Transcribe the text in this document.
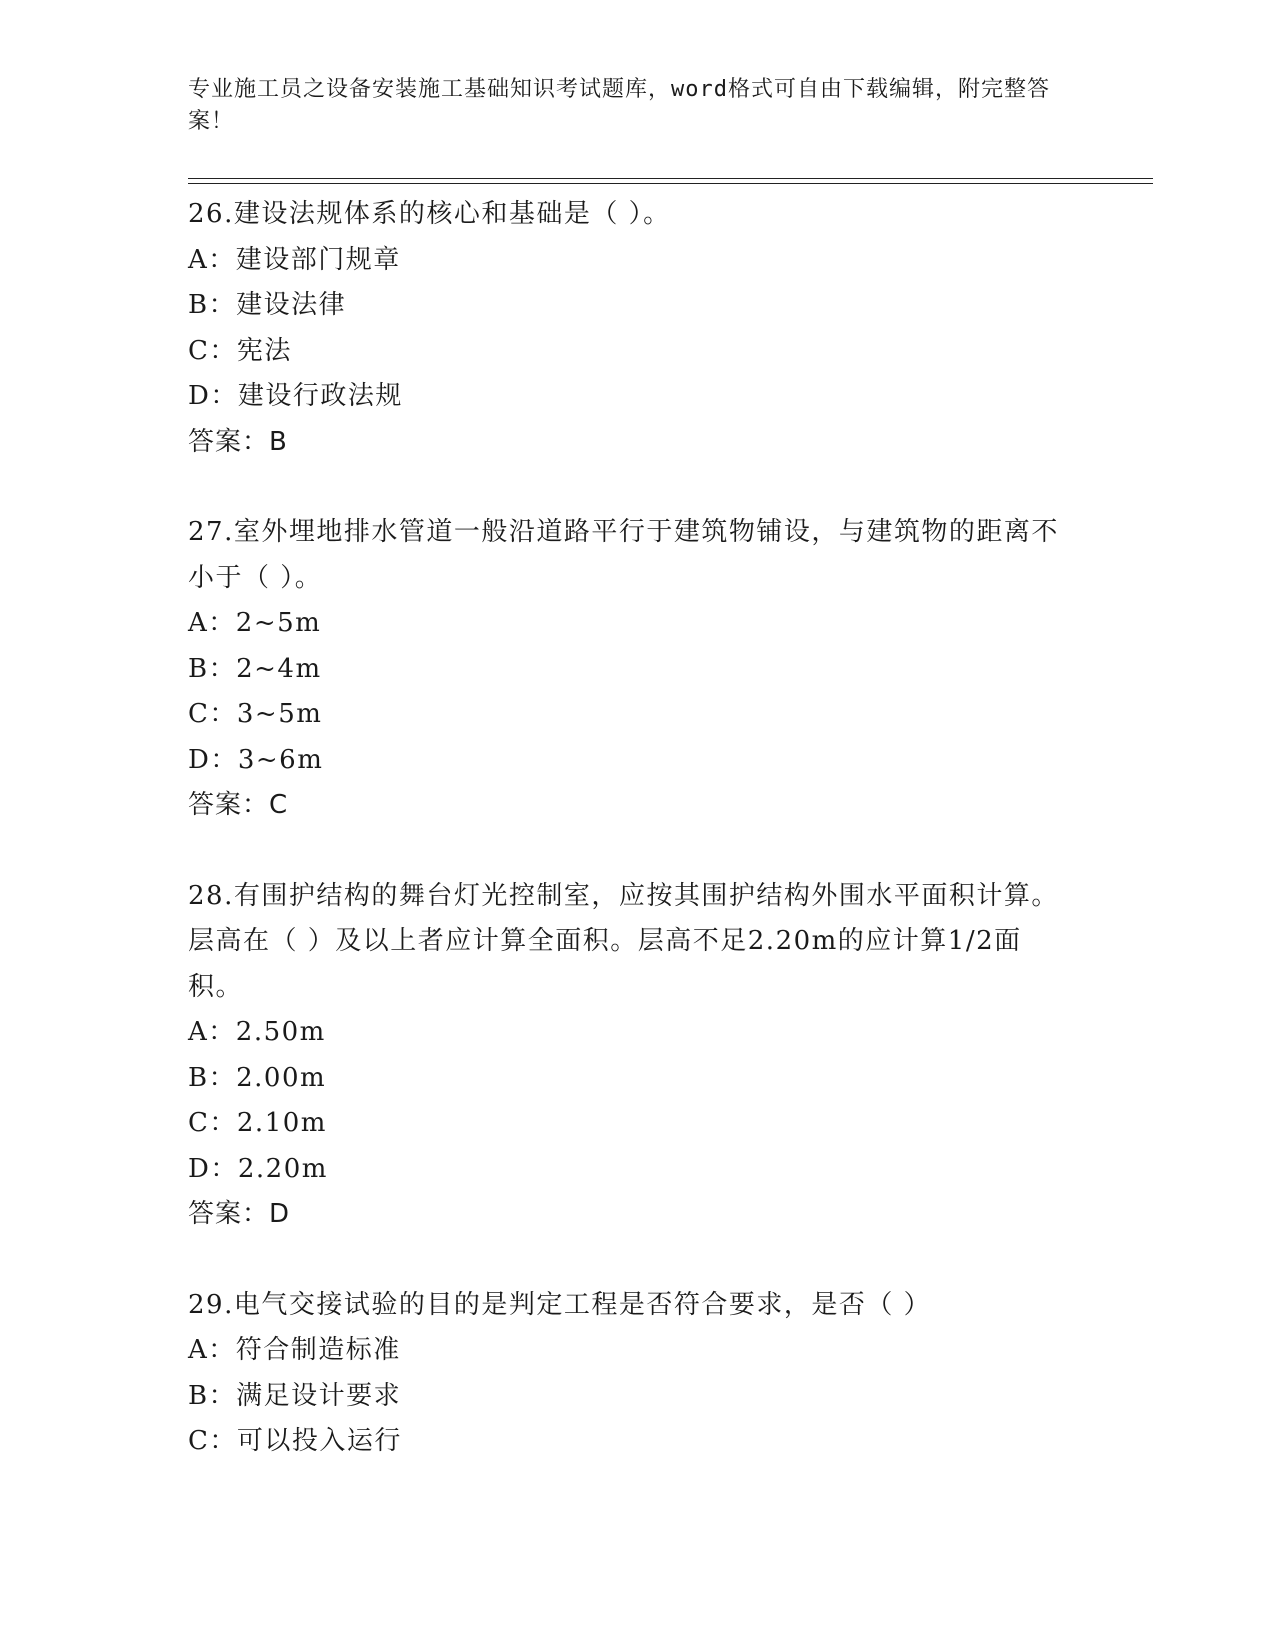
专业施工员之设备安装施工基础知识考试题库，word格式可自由下载编辑，附完整答案！
26.建设法规体系的核心和基础是（ ）。
A：建设部门规章
B：建设法律
C：宪法
D：建设行政法规
答案：B
27.室外埋地排水管道一般沿道路平行于建筑物铺设，与建筑物的距离不小于（ ）。
A：2~5m
B：2~4m
C：3~5m
D：3~6m
答案：C
28.有围护结构的舞台灯光控制室，应按其围护结构外围水平面积计算。层高在（ ）及以上者应计算全面积。层高不足2.20m的应计算1/2面积。
A：2.50m
B：2.00m
C：2.10m
D：2.20m
答案：D
29.电气交接试验的目的是判定工程是否符合要求，是否（ ）
A：符合制造标准
B：满足设计要求
C：可以投入运行
